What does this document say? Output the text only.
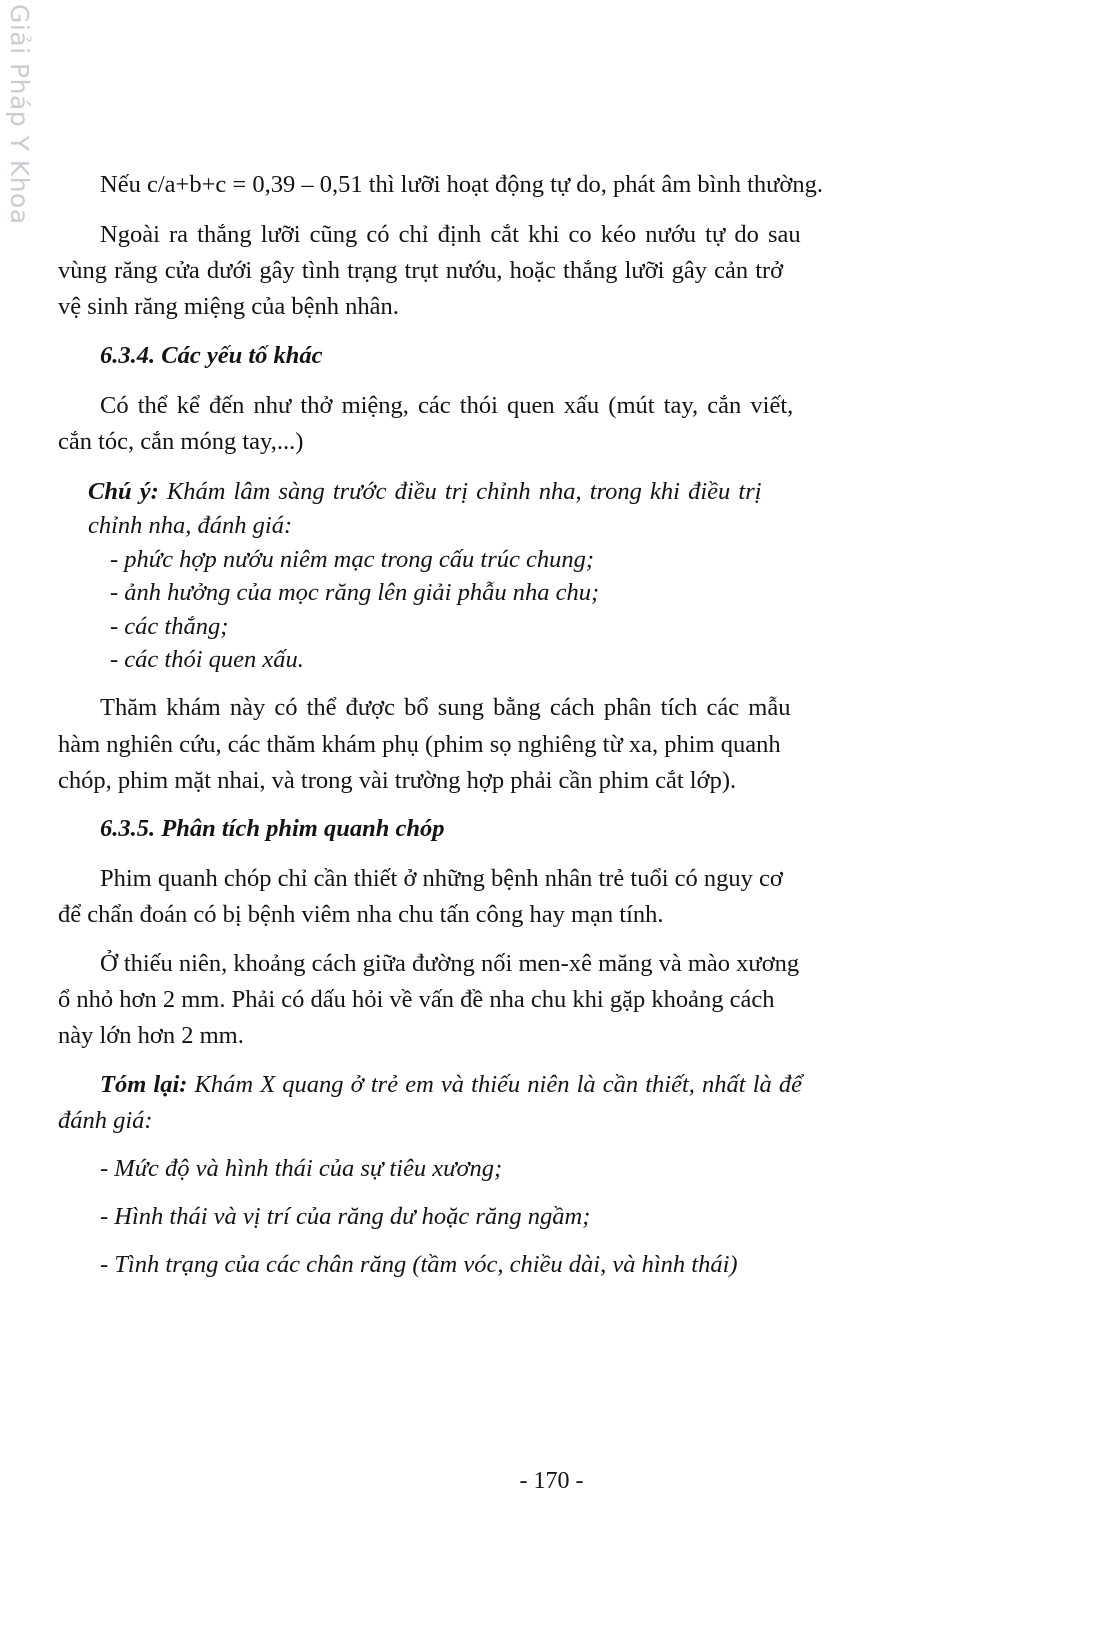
Giải Pháp Y Khoa	Nếu c/a+b+c = 0,39 – 0,51 thì lưỡi hoạt động tự do, phát âm bình thường.
Ngoài ra thắng lưỡi cũng có chỉ định cắt khi co kéo nướu tự do sau
vùng răng cửa dưới gây tình trạng trụt nướu, hoặc thắng lưỡi gây cản trở
vệ sinh răng miệng của bệnh nhân.
6.3.4. Các yếu tố khác
Có thể kể đến như thở miệng, các thói quen xấu (mút tay, cắn viết,
cắn tóc, cắn móng tay,...)
Chú ý: Khám lâm sàng trước điều trị chỉnh nha, trong khi điều trị
chỉnh nha, đánh giá:
- phức hợp nướu niêm mạc trong cấu trúc chung;
- ảnh hưởng của mọc răng lên giải phẫu nha chu;
- các thắng;
- các thói quen xấu.
Thăm khám này có thể được bổ sung bằng cách phân tích các mẫu
hàm nghiên cứu, các thăm khám phụ (phim sọ nghiêng từ xa, phim quanh
chóp, phim mặt nhai, và trong vài trường hợp phải cần phim cắt lớp).
6.3.5. Phân tích phim quanh chóp
Phim quanh chóp chỉ cần thiết ở những bệnh nhân trẻ tuổi có nguy cơ
để chẩn đoán có bị bệnh viêm nha chu tấn công hay mạn tính.
Ở thiếu niên, khoảng cách giữa đường nối men-xê măng và mào xương
ổ nhỏ hơn 2 mm. Phải có dấu hỏi về vấn đề nha chu khi gặp khoảng cách
này lớn hơn 2 mm.
Tóm lại: Khám X quang ở trẻ em và thiếu niên là cần thiết, nhất là để
đánh giá:
- Mức độ và hình thái của sự tiêu xương;
- Hình thái và vị trí của răng dư hoặc răng ngầm;
- Tình trạng của các chân răng (tầm vóc, chiều dài, và hình thái)
- 170 -
